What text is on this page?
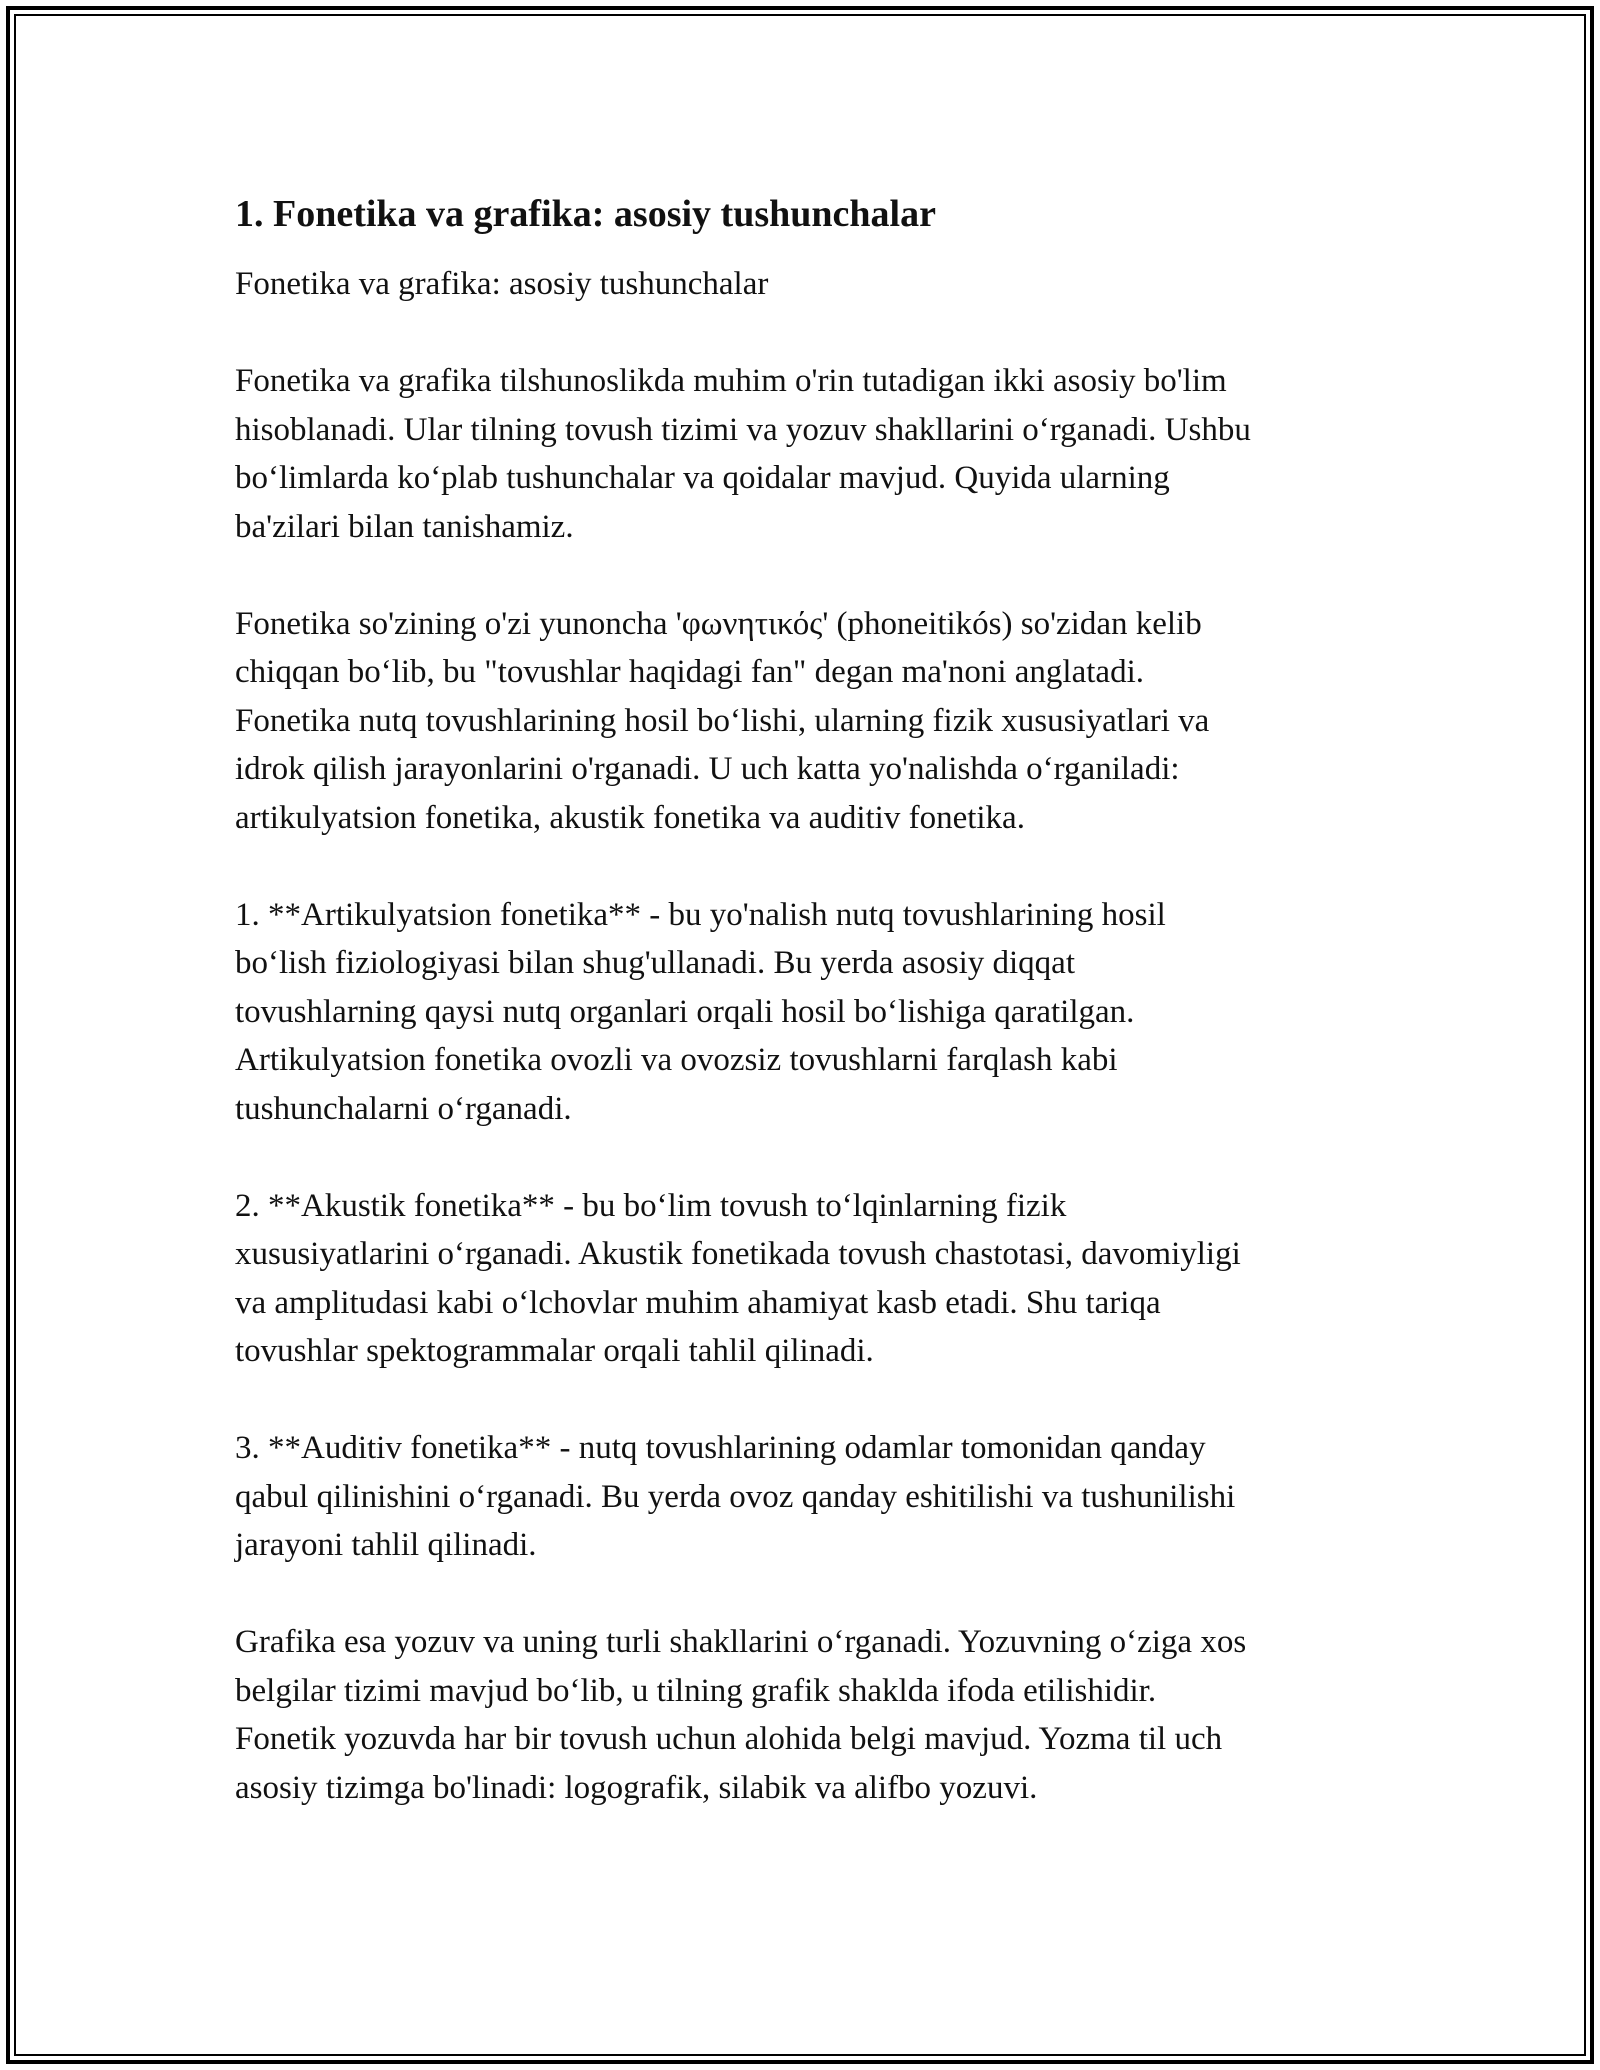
1. Fonetika va grafika: asosiy tushunchalar

Fonetika va grafika: asosiy tushunchalar

Fonetika va grafika tilshunoslikda muhim o'rin tutadigan ikki asosiy bo'lim
hisoblanadi. Ular tilning tovush tizimi va yozuv shakllarini oʻrganadi. Ushbu
boʻlimlarda koʻplab tushunchalar va qoidalar mavjud. Quyida ularning
ba'zilari bilan tanishamiz.

Fonetika so'zining o'zi yunoncha 'φωνητικός' (phoneitikós) so'zidan kelib
chiqqan boʻlib, bu "tovushlar haqidagi fan" degan ma'noni anglatadi.
Fonetika nutq tovushlarining hosil boʻlishi, ularning fizik xususiyatlari va
idrok qilish jarayonlarini o'rganadi. U uch katta yo'nalishda oʻrganiladi:
artikulyatsion fonetika, akustik fonetika va auditiv fonetika.

1. **Artikulyatsion fonetika** - bu yo'nalish nutq tovushlarining hosil
boʻlish fiziologiyasi bilan shug'ullanadi. Bu yerda asosiy diqqat
tovushlarning qaysi nutq organlari orqali hosil boʻlishiga qaratilgan.
Artikulyatsion fonetika ovozli va ovozsiz tovushlarni farqlash kabi
tushunchalarni oʻrganadi.

2. **Akustik fonetika** - bu boʻlim tovush toʻlqinlarning fizik
xususiyatlarini oʻrganadi. Akustik fonetikada tovush chastotasi, davomiyligi
va amplitudasi kabi oʻlchovlar muhim ahamiyat kasb etadi. Shu tariqa
tovushlar spektogrammalar orqali tahlil qilinadi.

3. **Auditiv fonetika** - nutq tovushlarining odamlar tomonidan qanday
qabul qilinishini oʻrganadi. Bu yerda ovoz qanday eshitilishi va tushunilishi
jarayoni tahlil qilinadi.

Grafika esa yozuv va uning turli shakllarini oʻrganadi. Yozuvning oʻziga xos
belgilar tizimi mavjud boʻlib, u tilning grafik shaklda ifoda etilishidir.
Fonetik yozuvda har bir tovush uchun alohida belgi mavjud. Yozma til uch
asosiy tizimga bo'linadi: logografik, silabik va alifbo yozuvi.
